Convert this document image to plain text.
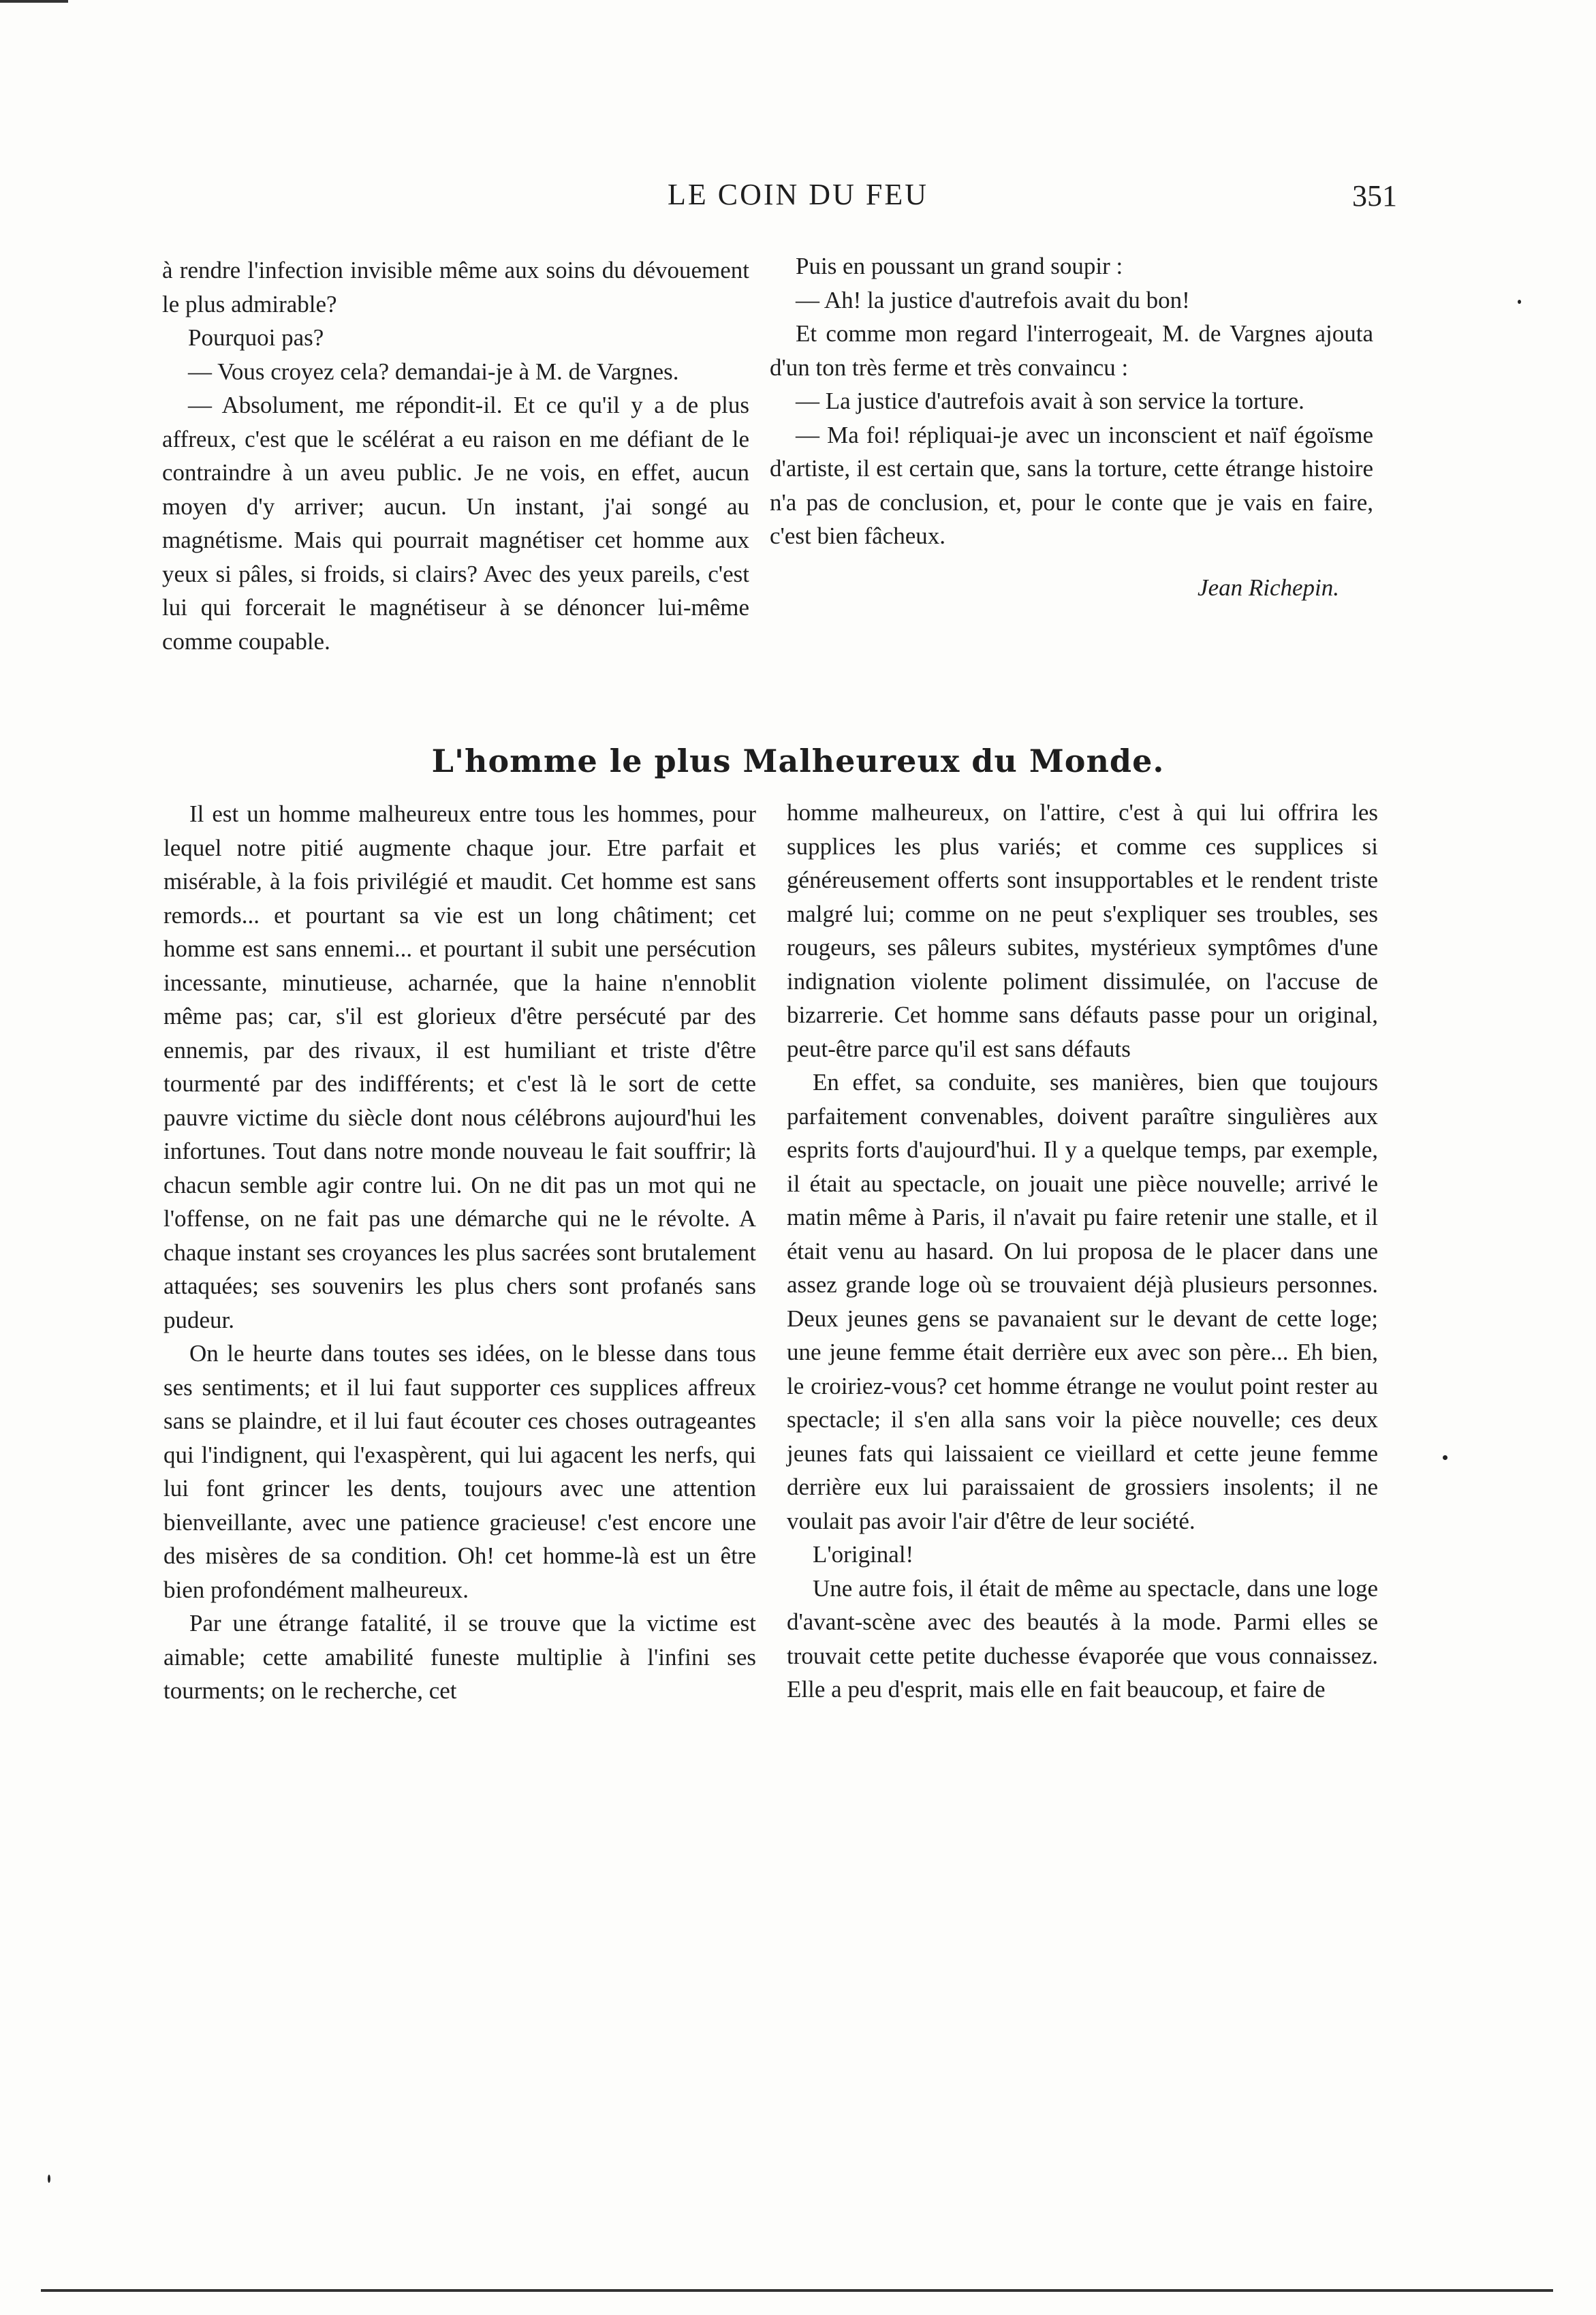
LE COIN DU FEU	351

à rendre l'infection invisible même aux soins du dévouement le plus admirable?

Pourquoi pas?

— Vous croyez cela? demandai-je à M. de Vargnes.

— Absolument, me répondit-il. Et ce qu'il y a de plus affreux, c'est que le scélérat a eu raison en me défiant de le contraindre à un aveu public. Je ne vois, en effet, aucun moyen d'y arriver; aucun. Un instant, j'ai songé au magnétisme. Mais qui pourrait magnétiser cet homme aux yeux si pâles, si froids, si clairs? Avec des yeux pareils, c'est lui qui forcerait le magnétiseur à se dénoncer lui-même comme coupable.

Puis en poussant un grand soupir :

— Ah! la justice d'autrefois avait du bon!

Et comme mon regard l'interrogeait, M. de Vargnes ajouta d'un ton très ferme et très convaincu :

— La justice d'autrefois avait à son service la torture.

— Ma foi! répliquai-je avec un inconscient et naïf égoïsme d'artiste, il est certain que, sans la torture, cette étrange histoire n'a pas de conclusion, et, pour le conte que je vais en faire, c'est bien fâcheux.

Jean Richepin.

L'homme le plus Malheureux du Monde.

Il est un homme malheureux entre tous les hommes, pour lequel notre pitié augmente chaque jour. Etre parfait et misérable, à la fois privilégié et maudit. Cet homme est sans remords... et pourtant sa vie est un long châtiment; cet homme est sans ennemi... et pourtant il subit une persécution incessante, minutieuse, acharnée, que la haine n'ennoblit même pas; car, s'il est glorieux d'être persécuté par des ennemis, par des rivaux, il est humiliant et triste d'être tourmenté par des indifférents; et c'est là le sort de cette pauvre victime du siècle dont nous célébrons aujourd'hui les infortunes. Tout dans notre monde nouveau le fait souffrir; là chacun semble agir contre lui. On ne dit pas un mot qui ne l'offense, on ne fait pas une démarche qui ne le révolte. A chaque instant ses croyances les plus sacrées sont brutalement attaquées; ses souvenirs les plus chers sont profanés sans pudeur.

On le heurte dans toutes ses idées, on le blesse dans tous ses sentiments; et il lui faut supporter ces supplices affreux sans se plaindre, et il lui faut écouter ces choses outrageantes qui l'indignent, qui l'exaspèrent, qui lui agacent les nerfs, qui lui font grincer les dents, toujours avec une attention bienveillante, avec une patience gracieuse! c'est encore une des misères de sa condition. Oh! cet homme-là est un être bien profondément malheureux.

Par une étrange fatalité, il se trouve que la victime est aimable; cette amabilité funeste multiplie à l'infini ses tourments; on le recherche, cet

homme malheureux, on l'attire, c'est à qui lui offrira les supplices les plus variés; et comme ces supplices si généreusement offerts sont insupportables et le rendent triste malgré lui; comme on ne peut s'expliquer ses troubles, ses rougeurs, ses pâleurs subites, mystérieux symptômes d'une indignation violente poliment dissimulée, on l'accuse de bizarrerie. Cet homme sans défauts passe pour un original, peut-être parce qu'il est sans défauts

En effet, sa conduite, ses manières, bien que toujours parfaitement convenables, doivent paraître singulières aux esprits forts d'aujourd'hui. Il y a quelque temps, par exemple, il était au spectacle, on jouait une pièce nouvelle; arrivé le matin même à Paris, il n'avait pu faire retenir une stalle, et il était venu au hasard. On lui proposa de le placer dans une assez grande loge où se trouvaient déjà plusieurs personnes. Deux jeunes gens se pavanaient sur le devant de cette loge; une jeune femme était derrière eux avec son père... Eh bien, le croiriez-vous? cet homme étrange ne voulut point rester au spectacle; il s'en alla sans voir la pièce nouvelle; ces deux jeunes fats qui laissaient ce vieillard et cette jeune femme derrière eux lui paraissaient de grossiers insolents; il ne voulait pas avoir l'air d'être de leur société.

L'original!

Une autre fois, il était de même au spectacle, dans une loge d'avant-scène avec des beautés à la mode. Parmi elles se trouvait cette petite duchesse évaporée que vous connaissez. Elle a peu d'esprit, mais elle en fait beaucoup, et faire de
